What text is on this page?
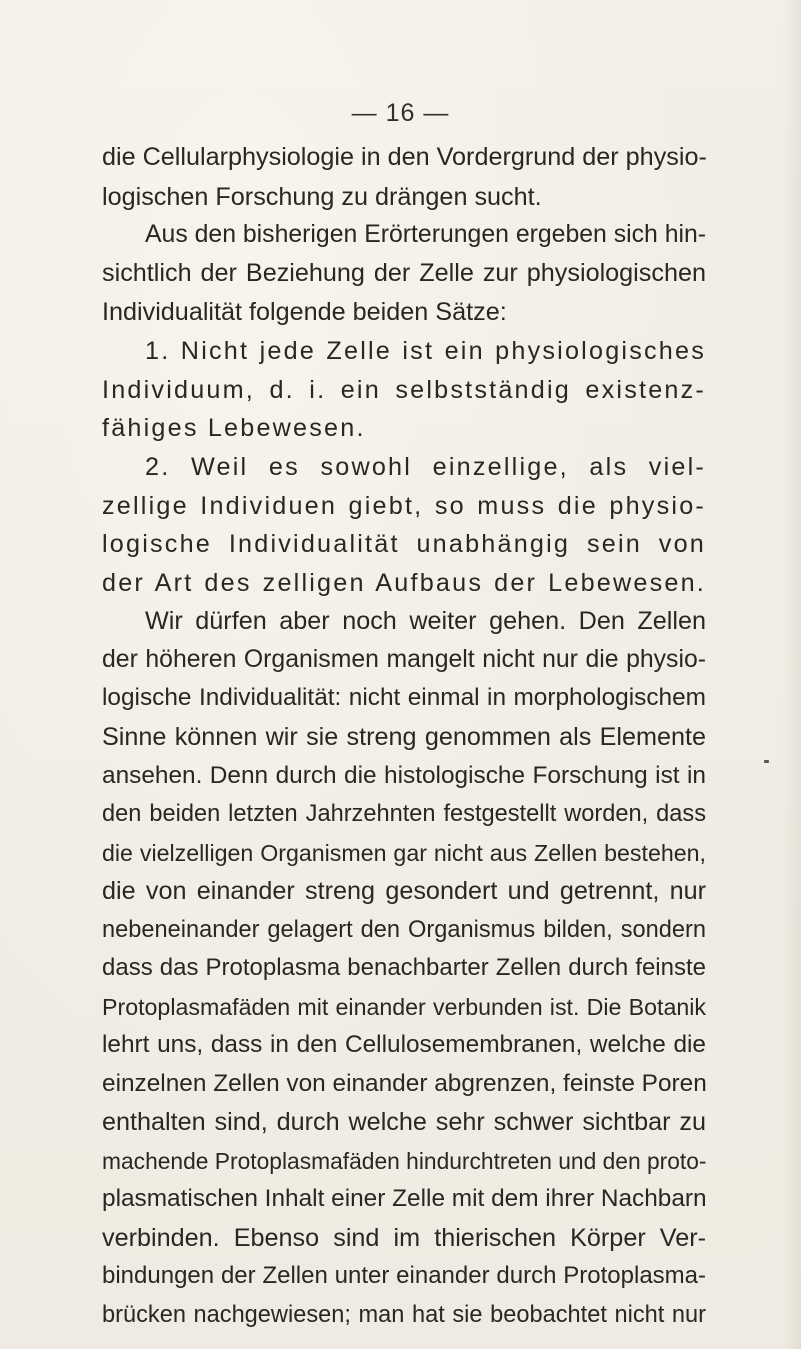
— 16 —
die Cellularphysiologie in den Vordergrund der physio-
logischen Forschung zu drängen sucht.
Aus den bisherigen Erörterungen ergeben sich hin-
sichtlich der Beziehung der Zelle zur physiologischen
Individualität folgende beiden Sätze:
1. Nicht jede Zelle ist ein physiologisches
Individuum, d. i. ein selbstständig existenz-
fähiges Lebewesen.
2. Weil es sowohl einzellige, als viel-
zellige Individuen giebt, so muss die physio-
logische Individualität unabhängig sein von
der Art des zelligen Aufbaus der Lebewesen.
Wir dürfen aber noch weiter gehen. Den Zellen
der höheren Organismen mangelt nicht nur die physio-
logische Individualität: nicht einmal in morphologischem
Sinne können wir sie streng genommen als Elemente
ansehen. Denn durch die histologische Forschung ist in
den beiden letzten Jahrzehnten festgestellt worden, dass
die vielzelligen Organismen gar nicht aus Zellen bestehen,
die von einander streng gesondert und getrennt, nur
nebeneinander gelagert den Organismus bilden, sondern
dass das Protoplasma benachbarter Zellen durch feinste
Protoplasmafäden mit einander verbunden ist. Die Botanik
lehrt uns, dass in den Cellulosemembranen, welche die
einzelnen Zellen von einander abgrenzen, feinste Poren
enthalten sind, durch welche sehr schwer sichtbar zu
machende Protoplasmafäden hindurchtreten und den proto-
plasmatischen Inhalt einer Zelle mit dem ihrer Nachbarn
verbinden. Ebenso sind im thierischen Körper Ver-
bindungen der Zellen unter einander durch Protoplasma-
brücken nachgewiesen; man hat sie beobachtet nicht nur
